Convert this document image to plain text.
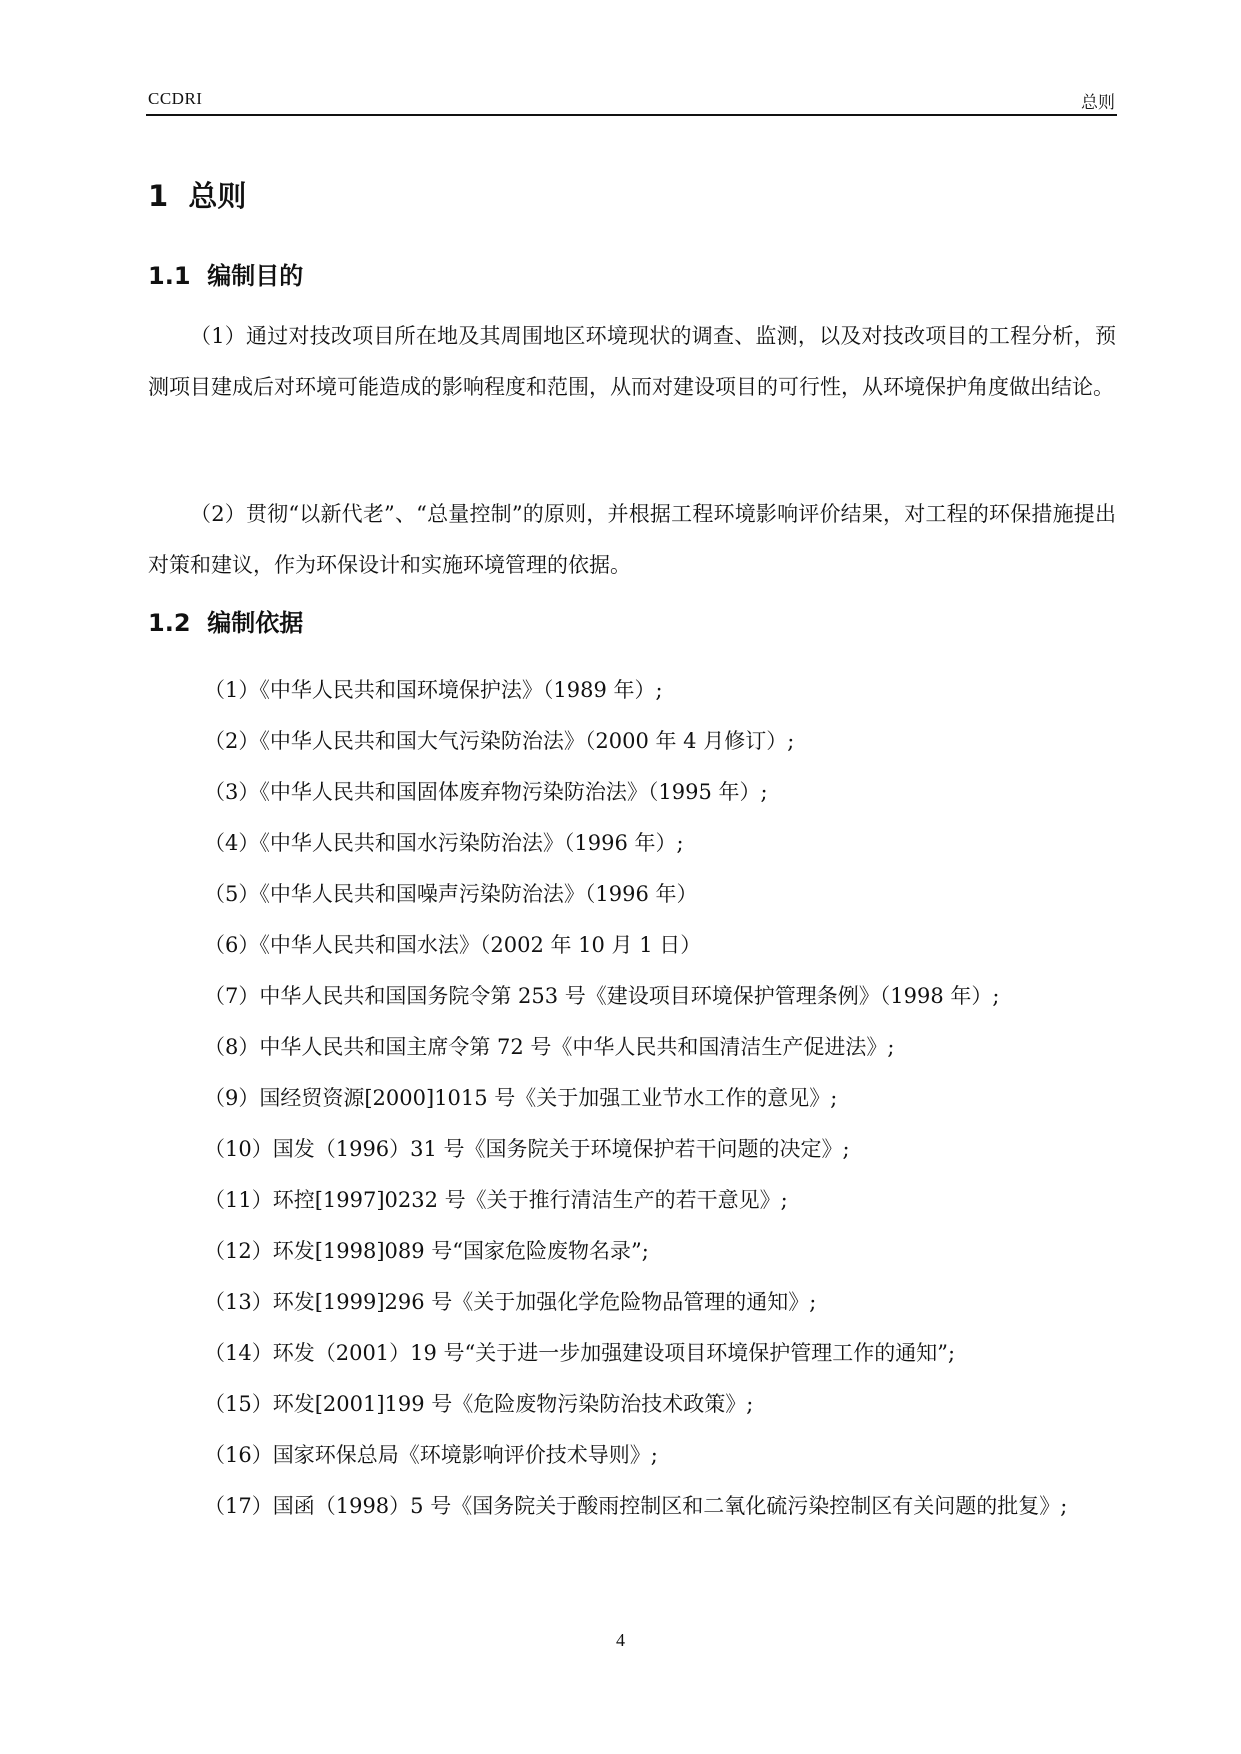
CCDRI	总则
1  总则
1.1  编制目的
（1）通过对技改项目所在地及其周围地区环境现状的调查、监测，以及对技改项目的工程分析，预测项目建成后对环境可能造成的影响程度和范围，从而对建设项目的可行性，从环境保护角度做出结论。
（2）贯彻“以新代老”、“总量控制”的原则，并根据工程环境影响评价结果，对工程的环保措施提出对策和建议，作为环保设计和实施环境管理的依据。
1.2  编制依据
（1）《中华人民共和国环境保护法》（1989 年）;
（2）《中华人民共和国大气污染防治法》（2000 年 4 月修订）;
（3）《中华人民共和国固体废弃物污染防治法》（1995 年）;
（4）《中华人民共和国水污染防治法》（1996 年）;
（5）《中华人民共和国噪声污染防治法》（1996 年）
（6）《中华人民共和国水法》（2002 年 10 月 1 日）
（7）中华人民共和国国务院令第 253 号《建设项目环境保护管理条例》（1998 年）;
（8）中华人民共和国主席令第 72 号《中华人民共和国清洁生产促进法》;
（9）国经贸资源[2000]1015 号《关于加强工业节水工作的意见》;
（10）国发（1996）31 号《国务院关于环境保护若干问题的决定》;
（11）环控[1997]0232 号《关于推行清洁生产的若干意见》;
（12）环发[1998]089 号“国家危险废物名录”;
（13）环发[1999]296 号《关于加强化学危险物品管理的通知》;
（14）环发（2001）19 号“关于进一步加强建设项目环境保护管理工作的通知”;
（15）环发[2001]199 号《危险废物污染防治技术政策》;
（16）国家环保总局《环境影响评价技术导则》;
（17）国函（1998）5 号《国务院关于酸雨控制区和二氧化硫污染控制区有关问题的批复》;
4
